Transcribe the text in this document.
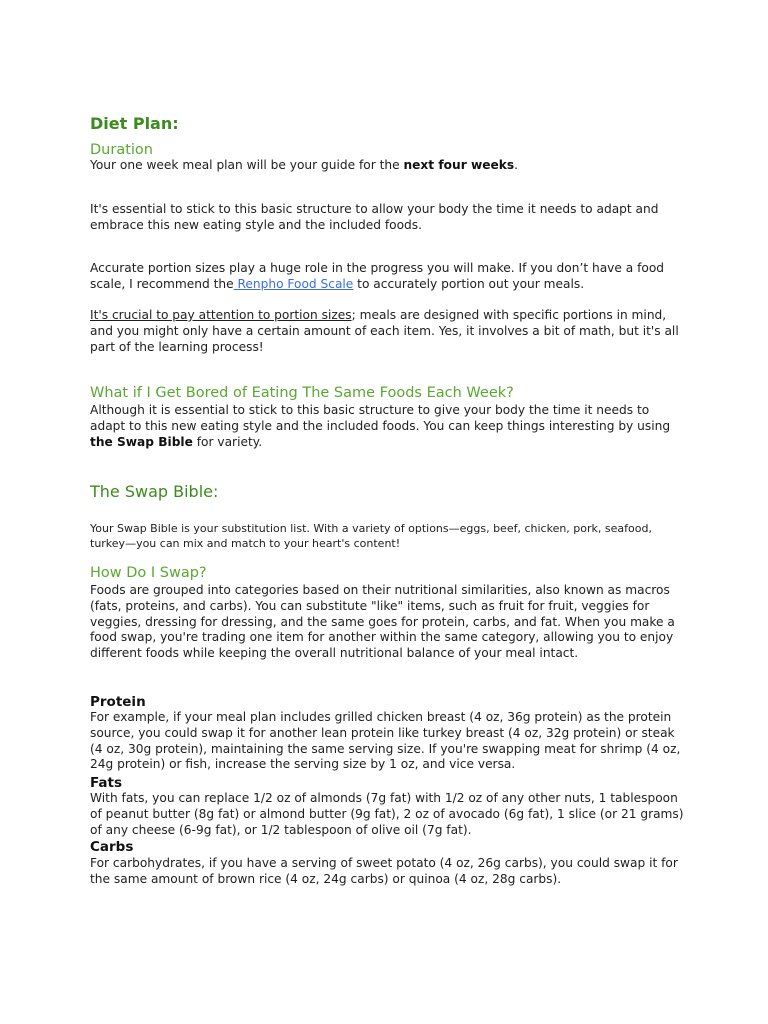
Diet Plan:
Duration

Your one week meal plan will be your guide for the next four weeks.

It's essential to stick to this basic structure to allow your body the time it needs to adapt and embrace this new eating style and the included foods.

Accurate portion sizes play a huge role in the progress you will make. If you don’t have a food scale, I recommend the Renpho Food Scale to accurately portion out your meals.

It's crucial to pay attention to portion sizes; meals are designed with specific portions in mind, and you might only have a certain amount of each item. Yes, it involves a bit of math, but it's all part of the learning process!

What if I Get Bored of Eating The Same Foods Each Week?

Although it is essential to stick to this basic structure to give your body the time it needs to adapt to this new eating style and the included foods. You can keep things interesting by using the Swap Bible for variety.

The Swap Bible:

Your Swap Bible is your substitution list. With a variety of options—eggs, beef, chicken, pork, seafood, turkey—you can mix and match to your heart's content!

How Do I Swap?

Foods are grouped into categories based on their nutritional similarities, also known as macros (fats, proteins, and carbs). You can substitute "like" items, such as fruit for fruit, veggies for veggies, dressing for dressing, and the same goes for protein, carbs, and fat. When you make a food swap, you're trading one item for another within the same category, allowing you to enjoy different foods while keeping the overall nutritional balance of your meal intact.

Protein

For example, if your meal plan includes grilled chicken breast (4 oz, 36g protein) as the protein source, you could swap it for another lean protein like turkey breast (4 oz, 32g protein) or steak (4 oz, 30g protein), maintaining the same serving size. If you're swapping meat for shrimp (4 oz, 24g protein) or fish, increase the serving size by 1 oz, and vice versa.

Fats

With fats, you can replace 1/2 oz of almonds (7g fat) with 1/2 oz of any other nuts, 1 tablespoon of peanut butter (8g fat) or almond butter (9g fat), 2 oz of avocado (6g fat), 1 slice (or 21 grams) of any cheese (6-9g fat), or 1/2 tablespoon of olive oil (7g fat).

Carbs

For carbohydrates, if you have a serving of sweet potato (4 oz, 26g carbs), you could swap it for the same amount of brown rice (4 oz, 24g carbs) or quinoa (4 oz, 28g carbs).
